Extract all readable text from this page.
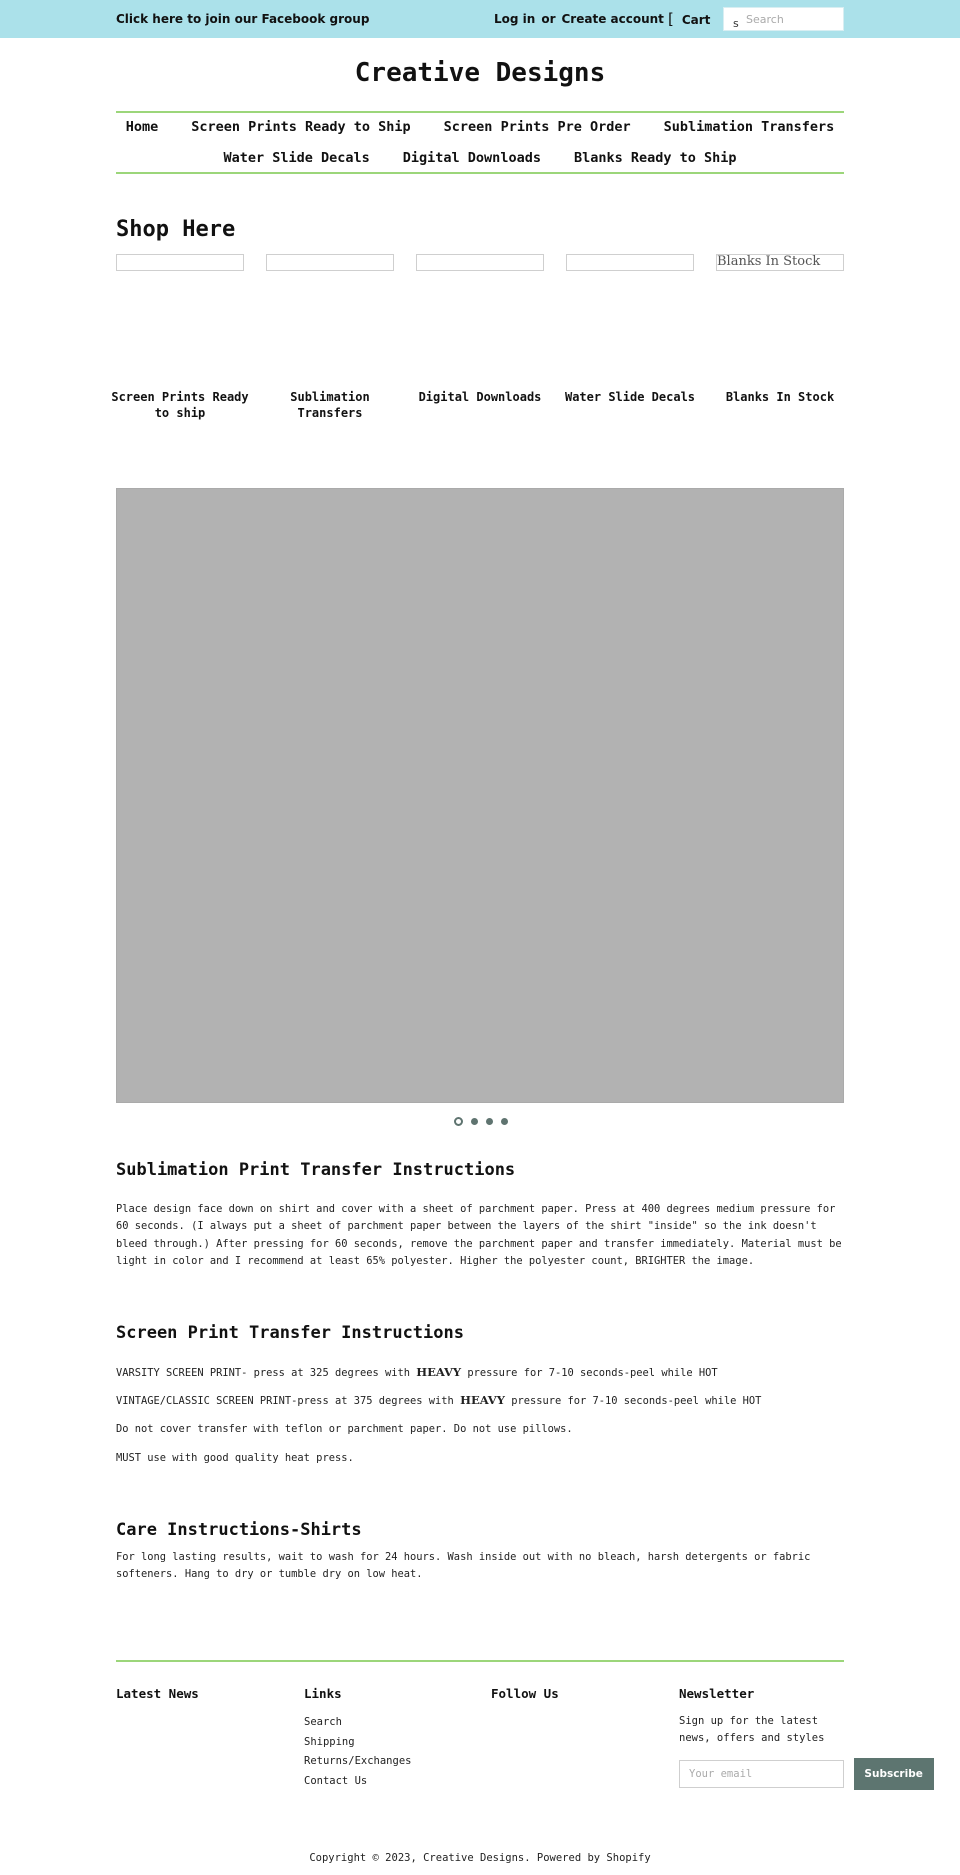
Click here to join our Facebook group	Log in or Create account [ Cart s
Search
Creative Designs
Home Screen Prints Ready to Ship Screen Prints Pre Order Sublimation Transfers
Water Slide Decals Digital Downloads Blanks Ready to Ship
Shop Here
Screen Prints Ready to ship
Sublimation Transfers
Digital Downloads	Water Slide Decals
Blanks In Stock
Blanks In Stock
Sublimation Print Transfer Instructions
Place design face down on shirt and cover with a sheet of parchment paper. Press at 400 degrees medium pressure for 60 seconds. (I always put a sheet of parchment paper between the layers of the shirt "inside" so the ink doesn't bleed through.) After pressing for 60 seconds, remove the parchment paper and transfer immediately. Material must be light in color and I recommend at least 65% polyester. Higher the polyester count, BRIGHTER the image.
Screen Print Transfer Instructions
VARSITY SCREEN PRINT- press at 325 degrees with HEAVY pressure for 7-10 seconds-peel while HOT
VINTAGE/CLASSIC SCREEN PRINT-press at 375 degrees with HEAVY pressure for 7-10 seconds-peel while HOT
Do not cover transfer with teflon or parchment paper. Do not use pillows.
MUST use with good quality heat press.
Care Instructions-Shirts
For long lasting results, wait to wash for 24 hours. Wash inside out with no bleach, harsh detergents or fabric softeners. Hang to dry or tumble dry on low heat.
Latest News	Links
Search
Shipping
Returns/Exchanges
Contact Us
Follow Us	Newsletter
Sign up for the latest news, offers and styles
Your email Subscribe
Copyright © 2023, Creative Designs. Powered by Shopify
